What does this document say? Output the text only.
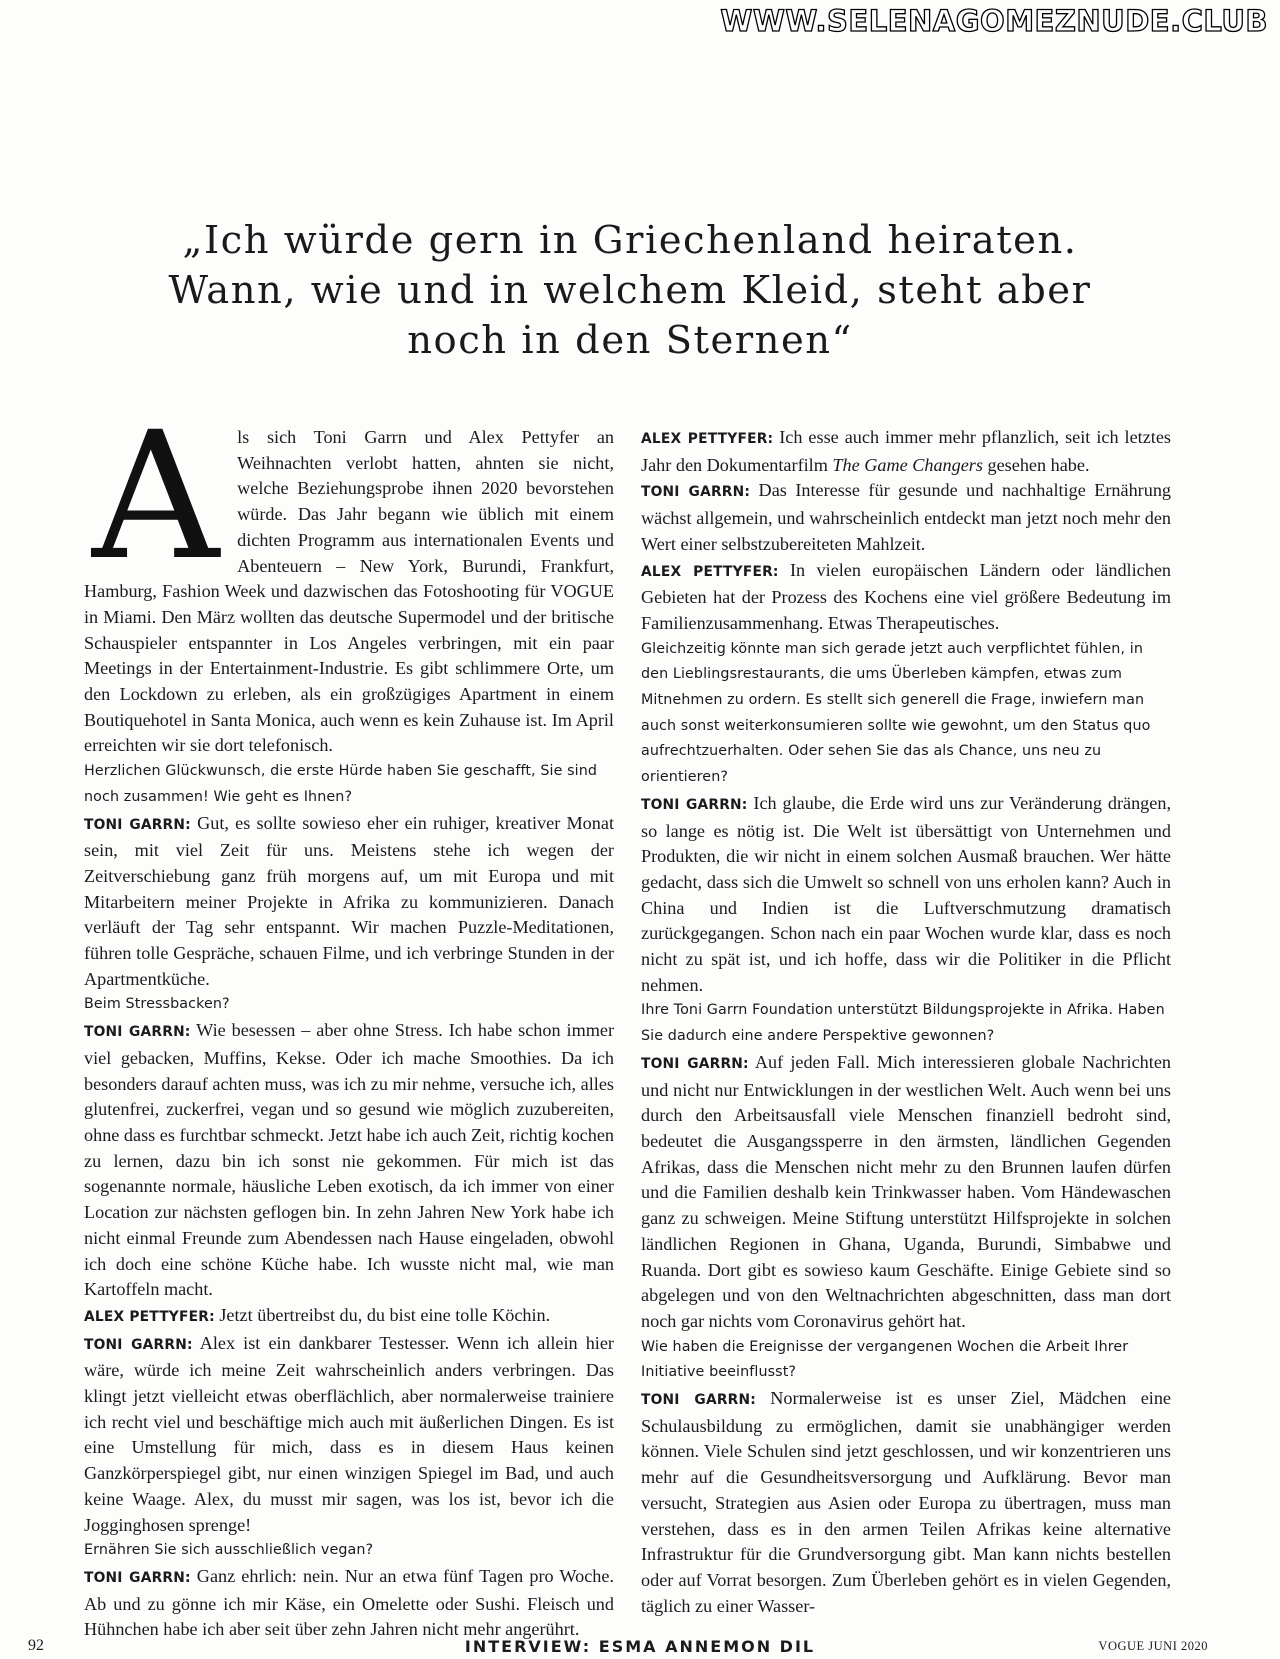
WWW.SELENAGOMEZNUDE.CLUB
„Ich würde gern in Griechenland heiraten.
Wann, wie und in welchem Kleid, steht aber
noch in den Sternen“

Als sich Toni Garrn und Alex Pettyfer an Weihnachten verlobt hatten, ahnten sie nicht, welche Beziehungsprobe ihnen 2020 bevorstehen würde. Das Jahr begann wie üblich mit einem dichten Programm aus internationalen Events und Abenteuern – New York, Burundi, Frankfurt, Hamburg, Fashion Week und dazwischen das Fotoshooting für VOGUE in Miami. Den März wollten das deutsche Supermodel und der britische Schauspieler entspannter in Los Angeles verbringen, mit ein paar Meetings in der Entertainment-Industrie. Es gibt schlimmere Orte, um den Lockdown zu erleben, als ein großzügiges Apartment in einem Boutiquehotel in Santa Monica, auch wenn es kein Zuhause ist. Im April erreichten wir sie dort telefonisch.

Herzlichen Glückwunsch, die erste Hürde haben Sie geschafft, Sie sind noch zusammen! Wie geht es Ihnen?

TONI GARRN: Gut, es sollte sowieso eher ein ruhiger, kreativer Monat sein, mit viel Zeit für uns. Meistens stehe ich wegen der Zeitverschiebung ganz früh morgens auf, um mit Europa und mit Mitarbeitern meiner Projekte in Afrika zu kommunizieren. Danach verläuft der Tag sehr entspannt. Wir machen Puzzle-Meditationen, führen tolle Gespräche, schauen Filme, und ich verbringe Stunden in der Apartmentküche.

Beim Stressbacken?

TONI GARRN: Wie besessen – aber ohne Stress. Ich habe schon immer viel gebacken, Muffins, Kekse. Oder ich mache Smoothies. Da ich besonders darauf achten muss, was ich zu mir nehme, versuche ich, alles glutenfrei, zuckerfrei, vegan und so gesund wie möglich zuzubereiten, ohne dass es furchtbar schmeckt. Jetzt habe ich auch Zeit, richtig kochen zu lernen, dazu bin ich sonst nie gekommen. Für mich ist das sogenannte normale, häusliche Leben exotisch, da ich immer von einer Location zur nächsten geflogen bin. In zehn Jahren New York habe ich nicht einmal Freunde zum Abendessen nach Hause eingeladen, obwohl ich doch eine schöne Küche habe. Ich wusste nicht mal, wie man Kartoffeln macht.

ALEX PETTYFER: Jetzt übertreibst du, du bist eine tolle Köchin.

TONI GARRN: Alex ist ein dankbarer Testesser. Wenn ich allein hier wäre, würde ich meine Zeit wahrscheinlich anders verbringen. Das klingt jetzt vielleicht etwas oberflächlich, aber normalerweise trainiere ich recht viel und beschäftige mich auch mit äußerlichen Dingen. Es ist eine Umstellung für mich, dass es in diesem Haus keinen Ganzkörperspiegel gibt, nur einen winzigen Spiegel im Bad, und auch keine Waage. Alex, du musst mir sagen, was los ist, bevor ich die Jogginghosen sprenge!

Ernähren Sie sich ausschließlich vegan?

TONI GARRN: Ganz ehrlich: nein. Nur an etwa fünf Tagen pro Woche. Ab und zu gönne ich mir Käse, ein Omelette oder Sushi. Fleisch und Hühnchen habe ich aber seit über zehn Jahren nicht mehr angerührt.

ALEX PETTYFER: Ich esse auch immer mehr pflanzlich, seit ich letztes Jahr den Dokumentarfilm The Game Changers gesehen habe.

TONI GARRN: Das Interesse für gesunde und nachhaltige Ernährung wächst allgemein, und wahrscheinlich entdeckt man jetzt noch mehr den Wert einer selbstzubereiteten Mahlzeit.

ALEX PETTYFER: In vielen europäischen Ländern oder ländlichen Gebieten hat der Prozess des Kochens eine viel größere Bedeutung im Familienzusammenhang. Etwas Therapeutisches.

Gleichzeitig könnte man sich gerade jetzt auch verpflichtet fühlen, in den Lieblingsrestaurants, die ums Überleben kämpfen, etwas zum Mitnehmen zu ordern. Es stellt sich generell die Frage, inwiefern man auch sonst weiterkonsumieren sollte wie gewohnt, um den Status quo aufrechtzuerhalten. Oder sehen Sie das als Chance, uns neu zu orientieren?

TONI GARRN: Ich glaube, die Erde wird uns zur Veränderung drängen, so lange es nötig ist. Die Welt ist übersättigt von Unternehmen und Produkten, die wir nicht in einem solchen Ausmaß brauchen. Wer hätte gedacht, dass sich die Umwelt so schnell von uns erholen kann? Auch in China und Indien ist die Luftverschmutzung dramatisch zurückgegangen. Schon nach ein paar Wochen wurde klar, dass es noch nicht zu spät ist, und ich hoffe, dass wir die Politiker in die Pflicht nehmen.

Ihre Toni Garrn Foundation unterstützt Bildungsprojekte in Afrika. Haben Sie dadurch eine andere Perspektive gewonnen?

TONI GARRN: Auf jeden Fall. Mich interessieren globale Nachrichten und nicht nur Entwicklungen in der westlichen Welt. Auch wenn bei uns durch den Arbeitsausfall viele Menschen finanziell bedroht sind, bedeutet die Ausgangssperre in den ärmsten, ländlichen Gegenden Afrikas, dass die Menschen nicht mehr zu den Brunnen laufen dürfen und die Familien deshalb kein Trinkwasser haben. Vom Händewaschen ganz zu schweigen. Meine Stiftung unterstützt Hilfsprojekte in solchen ländlichen Regionen in Ghana, Uganda, Burundi, Simbabwe und Ruanda. Dort gibt es sowieso kaum Geschäfte. Einige Gebiete sind so abgelegen und von den Weltnachrichten abgeschnitten, dass man dort noch gar nichts vom Coronavirus gehört hat.

Wie haben die Ereignisse der vergangenen Wochen die Arbeit Ihrer Initiative beeinflusst?

TONI GARRN: Normalerweise ist es unser Ziel, Mädchen eine Schulausbildung zu ermöglichen, damit sie unabhängiger werden können. Viele Schulen sind jetzt geschlossen, und wir konzentrieren uns mehr auf die Gesundheitsversorgung und Aufklärung. Bevor man versucht, Strategien aus Asien oder Europa zu übertragen, muss man verstehen, dass es in den armen Teilen Afrikas keine alternative Infrastruktur für die Grundversorgung gibt. Man kann nichts bestellen oder auf Vorrat besorgen. Zum Überleben gehört es in vielen Gegenden, täglich zu einer Wasser-

92	INTERVIEW: ESMA ANNEMON DIL	VOGUE JUNI 2020
